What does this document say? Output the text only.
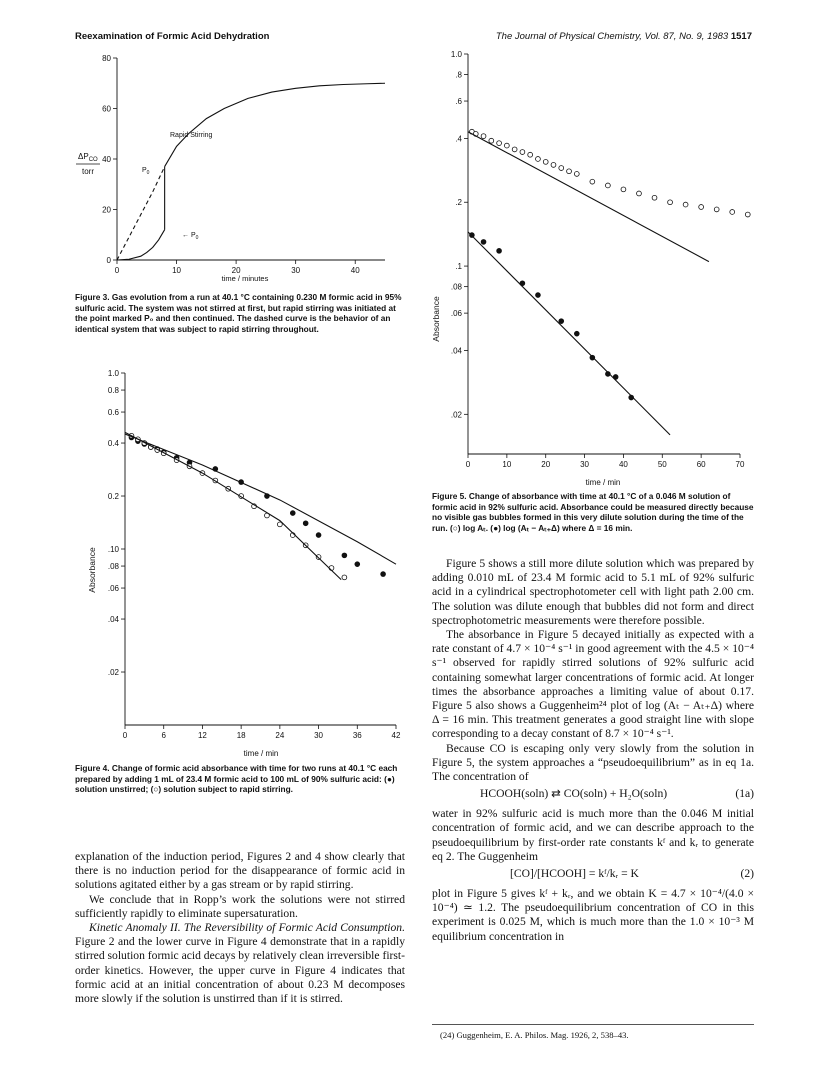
Reexamination of Formic Acid Dehydration	The Journal of Physical Chemistry, Vol. 87, No. 9, 1983 1517
0	10	20	30	40
0
20
40
60
80
$\Delta P_{CO}$
torr
time / minutes
Rapid Stirring
$P_0$
← $P_0$
Figure 3. Gas evolution from a run at 40.1 °C containing 0.230 M formic acid in 95% sulfuric acid. The system was not stirred at first, but rapid stirring was initiated at the point marked P₀ and then continued. The dashed curve is the behavior of an identical system that was subject to rapid stirring throughout.
0	6	12	18	24	30	36	42
1.0
0.8
0.6
0.4
0.2
.10
.08
.06
.04
.02
Absorbance
time / min
Figure 4. Change of formic acid absorbance with time for two runs at 40.1 °C each prepared by adding 1 mL of 23.4 M formic acid to 100 mL of 90% sulfuric acid: (●) solution unstirred; (○) solution subject to rapid stirring.
0	10	20	30	40	50	60	70
1.0
.8
.6
.4
.2
.1
.08
.06
.04
.02
Absorbance
time / min
Figure 5. Change of absorbance with time at 40.1 °C of a 0.046 M solution of formic acid in 92% sulfuric acid. Absorbance could be measured directly because no visible gas bubbles formed in this very dilute solution during the time of the run. (○) log Aₜ. (●) log (Aₜ − Aₜ₊Δ) where Δ = 16 min.

explanation of the induction period, Figures 2 and 4 show clearly that there is no induction period for the disappearance of formic acid in solutions agitated either by a gas stream or by rapid stirring.

We conclude that in Ropp’s work the solutions were not stirred sufficiently rapidly to eliminate supersaturation.

Kinetic Anomaly II. The Reversibility of Formic Acid Consumption. Figure 2 and the lower curve in Figure 4 demonstrate that in a rapidly stirred solution formic acid decays by relatively clean irreversible first-order kinetics. However, the upper curve in Figure 4 indicates that formic acid at an initial concentration of about 0.23 M decomposes more slowly if the solution is unstirred than if it is stirred.

Figure 5 shows a still more dilute solution which was prepared by adding 0.010 mL of 23.4 M formic acid to 5.1 mL of 92% sulfuric acid in a cylindrical spectrophotometer cell with light path 2.00 cm. The solution was dilute enough that bubbles did not form and direct spectrophotometric measurements were therefore possible.

The absorbance in Figure 5 decayed initially as expected with a rate constant of 4.7 × 10⁻⁴ s⁻¹ in good agreement with the 4.5 × 10⁻⁴ s⁻¹ observed for rapidly stirred solutions of 92% sulfuric acid containing somewhat larger concentrations of formic acid. At longer times the absorbance approaches a limiting value of about 0.17. Figure 5 also shows a Guggenheim²⁴ plot of log (Aₜ − Aₜ₊Δ) where Δ = 16 min. This treatment generates a good straight line with slope corresponding to a decay constant of 8.7 × 10⁻⁴ s⁻¹.

Because CO is escaping only very slowly from the solution in Figure 5, the system approaches a “pseudoequilibrium” as in eq 1a. The concentration of

HCOOH(soln) ⇄ CO(soln) + H₂O(soln)	(1a)

water in 92% sulfuric acid is much more than the 0.046 M initial concentration of formic acid, and we can describe approach to the pseudoequilibrium by first-order rate constants kᶠ and kᵣ to generate eq 2. The Guggenheim

[CO]/[HCOOH] = kᶠ/kᵣ = K	(2)

plot in Figure 5 gives kᶠ + kᵣ, and we obtain K = 4.7 × 10⁻⁴/(4.0 × 10⁻⁴) ≃ 1.2. The pseudoequilibrium concentration of CO in this experiment is 0.025 M, which is much more than the 1.0 × 10⁻³ M equilibrium concentration in

(24) Guggenheim, E. A. Philos. Mag. 1926, 2, 538–43.
